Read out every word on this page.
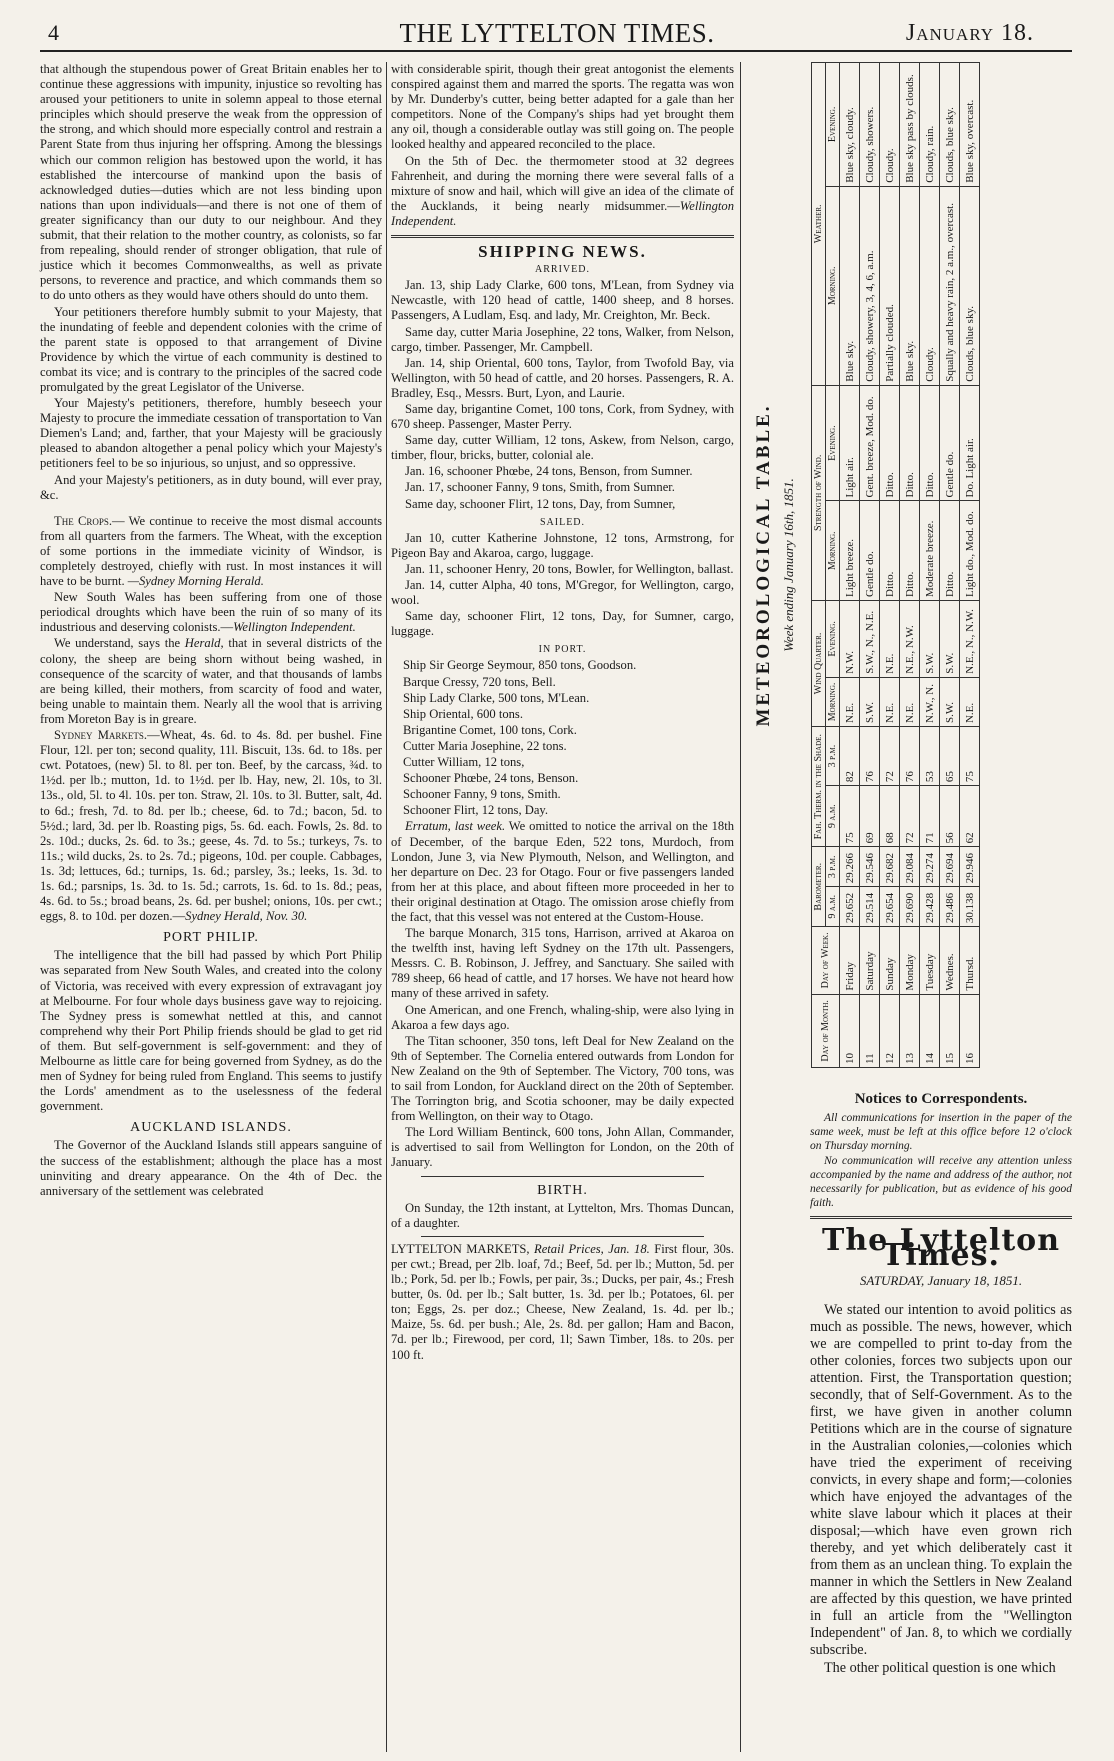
4	THE LYTTELTON TIMES.	January 18.

that although the stupendous power of Great Britain enables her to continue these aggressions with impunity, injustice so revolting has aroused your petitioners to unite in solemn appeal to those eternal principles which should preserve the weak from the oppression of the strong, and which should more especially control and restrain a Parent State from thus injuring her offspring. Among the blessings which our common religion has bestowed upon the world, it has established the intercourse of mankind upon the basis of acknowledged duties—duties which are not less binding upon nations than upon individuals—and there is not one of them of greater significancy than our duty to our neighbour. And they submit, that their relation to the mother country, as colonists, so far from repealing, should render of stronger obligation, that rule of justice which it becomes Commonwealths, as well as private persons, to reverence and practice, and which commands them so to do unto others as they would have others should do unto them.

Your petitioners therefore humbly submit to your Majesty, that the inundating of feeble and dependent colonies with the crime of the parent state is opposed to that arrangement of Divine Providence by which the virtue of each community is destined to combat its vice; and is contrary to the principles of the sacred code promulgated by the great Legislator of the Universe.

Your Majesty's petitioners, therefore, humbly beseech your Majesty to procure the immediate cessation of transportation to Van Diemen's Land; and, farther, that your Majesty will be graciously pleased to abandon altogether a penal policy which your Majesty's petitioners feel to be so injurious, so unjust, and so oppressive.

And your Majesty's petitioners, as in duty bound, will ever pray, &c.

The Crops.— We continue to receive the most dismal accounts from all quarters from the farmers. The Wheat, with the exception of some portions in the immediate vicinity of Windsor, is completely destroyed, chiefly with rust. In most instances it will have to be burnt. —Sydney Morning Herald.

New South Wales has been suffering from one of those periodical droughts which have been the ruin of so many of its industrious and deserving colonists.—Wellington Independent.

We understand, says the Herald, that in several districts of the colony, the sheep are being shorn without being washed, in consequence of the scarcity of water, and that thousands of lambs are being killed, their mothers, from scarcity of food and water, being unable to maintain them. Nearly all the wool that is arriving from Moreton Bay is in greare.

Sydney Markets.—Wheat, 4s. 6d. to 4s. 8d. per bushel. Fine Flour, 12l. per ton; second quality, 11l. Biscuit, 13s. 6d. to 18s. per cwt. Potatoes, (new) 5l. to 8l. per ton. Beef, by the carcass, ¾d. to 1½d. per lb.; mutton, 1d. to 1½d. per lb. Hay, new, 2l. 10s, to 3l. 13s., old, 5l. to 4l. 10s. per ton. Straw, 2l. 10s. to 3l. Butter, salt, 4d. to 6d.; fresh, 7d. to 8d. per lb.; cheese, 6d. to 7d.; bacon, 5d. to 5½d.; lard, 3d. per lb. Roasting pigs, 5s. 6d. each. Fowls, 2s. 8d. to 2s. 10d.; ducks, 2s. 6d. to 3s.; geese, 4s. 7d. to 5s.; turkeys, 7s. to 11s.; wild ducks, 2s. to 2s. 7d.; pigeons, 10d. per couple. Cabbages, 1s. 3d; lettuces, 6d.; turnips, 1s. 6d.; parsley, 3s.; leeks, 1s. 3d. to 1s. 6d.; parsnips, 1s. 3d. to 1s. 5d.; carrots, 1s. 6d. to 1s. 8d.; peas, 4s. 6d. to 5s.; broad beans, 2s. 6d. per bushel; onions, 10s. per cwt.; eggs, 8. to 10d. per dozen.—Sydney Herald, Nov. 30.

PORT PHILIP.

The intelligence that the bill had passed by which Port Philip was separated from New South Wales, and created into the colony of Victoria, was received with every expression of extravagant joy at Melbourne. For four whole days business gave way to rejoicing. The Sydney press is somewhat nettled at this, and cannot comprehend why their Port Philip friends should be glad to get rid of them. But self-government is self-government: and they of Melbourne as little care for being governed from Sydney, as do the men of Sydney for being ruled from England. This seems to justify the Lords' amendment as to the uselessness of the federal government.

AUCKLAND ISLANDS.

The Governor of the Auckland Islands still appears sanguine of the success of the establishment; although the place has a most uninviting and dreary appearance. On the 4th of Dec. the anniversary of the settlement was celebrated

with considerable spirit, though their great antogonist the elements conspired against them and marred the sports. The regatta was won by Mr. Dunderby's cutter, being better adapted for a gale than her competitors. None of the Company's ships had yet brought them any oil, though a considerable outlay was still going on. The people looked healthy and appeared reconciled to the place.

On the 5th of Dec. the thermometer stood at 32 degrees Fahrenheit, and during the morning there were several falls of a mixture of snow and hail, which will give an idea of the climate of the Aucklands, it being nearly midsummer.—Wellington Independent.

SHIPPING NEWS.
ARRIVED.

Jan. 13, ship Lady Clarke, 600 tons, M'Lean, from Sydney via Newcastle, with 120 head of cattle, 1400 sheep, and 8 horses. Passengers, A Ludlam, Esq. and lady, Mr. Creighton, Mr. Beck.

Same day, cutter Maria Josephine, 22 tons, Walker, from Nelson, cargo, timber. Passenger, Mr. Campbell.

Jan. 14, ship Oriental, 600 tons, Taylor, from Twofold Bay, via Wellington, with 50 head of cattle, and 20 horses. Passengers, R. A. Bradley, Esq., Messrs. Burt, Lyon, and Laurie.

Same day, brigantine Comet, 100 tons, Cork, from Sydney, with 670 sheep. Passenger, Master Perry.

Same day, cutter William, 12 tons, Askew, from Nelson, cargo, timber, flour, bricks, butter, colonial ale.

Jan. 16, schooner Phœbe, 24 tons, Benson, from Sumner.

Jan. 17, schooner Fanny, 9 tons, Smith, from Sumner.

Same day, schooner Flirt, 12 tons, Day, from Sumner,

SAILED.

Jan 10, cutter Katherine Johnstone, 12 tons, Armstrong, for Pigeon Bay and Akaroa, cargo, luggage.

Jan. 11, schooner Henry, 20 tons, Bowler, for Wellington, ballast.

Jan. 14, cutter Alpha, 40 tons, M'Gregor, for Wellington, cargo, wool.

Same day, schooner Flirt, 12 tons, Day, for Sumner, cargo, luggage.

IN PORT.

Ship Sir George Seymour, 850 tons, Goodson.

Barque Cressy, 720 tons, Bell.

Ship Lady Clarke, 500 tons, M'Lean.

Ship Oriental, 600 tons.

Brigantine Comet, 100 tons, Cork.

Cutter Maria Josephine, 22 tons.

Cutter William, 12 tons,

Schooner Phœbe, 24 tons, Benson.

Schooner Fanny, 9 tons, Smith.

Schooner Flirt, 12 tons, Day.

Erratum, last week. We omitted to notice the arrival on the 18th of December, of the barque Eden, 522 tons, Murdoch, from London, June 3, via New Plymouth, Nelson, and Wellington, and her departure on Dec. 23 for Otago. Four or five passengers landed from her at this place, and about fifteen more proceeded in her to their original destination at Otago. The omission arose chiefly from the fact, that this vessel was not entered at the Custom-House.

The barque Monarch, 315 tons, Harrison, arrived at Akaroa on the twelfth inst, having left Sydney on the 17th ult. Passengers, Messrs. C. B. Robinson, J. Jeffrey, and Sanctuary. She sailed with 789 sheep, 66 head of cattle, and 17 horses. We have not heard how many of these arrived in safety.

One American, and one French, whaling-ship, were also lying in Akaroa a few days ago.

The Titan schooner, 350 tons, left Deal for New Zealand on the 9th of September. The Cornelia entered outwards from London for New Zealand on the 9th of September. The Victory, 700 tons, was to sail from London, for Auckland direct on the 20th of September. The Torrington brig, and Scotia schooner, may be daily expected from Wellington, on their way to Otago.

The Lord William Bentinck, 600 tons, John Allan, Commander, is advertised to sail from Wellington for London, on the 20th of January.

BIRTH.

On Sunday, the 12th instant, at Lyttelton, Mrs. Thomas Duncan, of a daughter.

LYTTELTON MARKETS, Retail Prices, Jan. 18. First flour, 30s. per cwt.; Bread, per 2lb. loaf, 7d.; Beef, 5d. per lb.; Mutton, 5d. per lb.; Pork, 5d. per lb.; Fowls, per pair, 3s.; Ducks, per pair, 4s.; Fresh butter, 0s. 0d. per lb.; Salt butter, 1s. 3d. per lb.; Potatoes, 6l. per ton; Eggs, 2s. per doz.; Cheese, New Zealand, 1s. 4d. per lb.; Maize, 5s. 6d. per bush.; Ale, 2s. 8d. per gallon; Ham and Bacon, 7d. per lb.; Firewood, per cord, 1l; Sawn Timber, 18s. to 20s. per 100 ft.

METEOROLOGICAL TABLE. Week ending January 16th, 1851.
Day of Month.	Day of Week.	Barometer.		Fah. Therm. in the Shade.		Wind Quarter.		Strength of Wind.		Weather.	
		9 a.m.	3 p.m.	9 a.m.	3 p.m.	Morning.	Evening.	Morning.	Evening.	Morning.	Evening.
10	Friday	29.652	29.266	75	82	N.E.	N.W.	Light breeze.	Light air.	Blue sky.	Blue sky, cloudy.
11	Saturday	29.514	29.546	69	76	S.W.	S.W., N., N.E.	Gentle do.	Gent. breeze, Mod. do.	Cloudy, showery, 3, 4, 6, a.m.	Cloudy, showers.
12	Sunday	29.654	29.682	68	72	N.E.	N.E.	Ditto.	Ditto.	Partially clouded.	Cloudy.
13	Monday	29.690	29.084	72	76	N.E.	N.E., N.W.	Ditto.	Ditto.	Blue sky.	Blue sky pass by clouds.
14	Tuesday	29.428	29.274	71	53	N.W., N.	S.W.	Moderate breeze.	Ditto.	Cloudy.	Cloudy, rain.
15	Wednes.	29.486	29.694	56	65	S.W.	S.W.	Ditto.	Gentle do.	Squally and heavy rain, 2 a.m., overcast.	Clouds, blue sky.
16	Thursd.	30.138	29.946	62	75	N.E.	N.E., N., N.W.	Light do., Mod. do.	Do. Light air.	Clouds, blue sky.	Blue sky, overcast.
Notices to Correspondents.

All communications for insertion in the paper of the same week, must be left at this office before 12 o'clock on Thursday morning.

No communication will receive any attention unless accompanied by the name and address of the author, not necessarily for publication, but as evidence of his good faith.

The Lyttelton Times.
SATURDAY, January 18, 1851.

We stated our intention to avoid politics as much as possible. The news, however, which we are compelled to print to-day from the other colonies, forces two subjects upon our attention. First, the Transportation question; secondly, that of Self-Government. As to the first, we have given in another column Petitions which are in the course of signature in the Australian colonies,—colonies which have tried the experiment of receiving convicts, in every shape and form;—colonies which have enjoyed the advantages of the white slave labour which it places at their disposal;—which have even grown rich thereby, and yet which deliberately cast it from them as an unclean thing. To explain the manner in which the Settlers in New Zealand are affected by this question, we have printed in full an article from the "Wellington Independent" of Jan. 8, to which we cordially subscribe.

The other political question is one which
